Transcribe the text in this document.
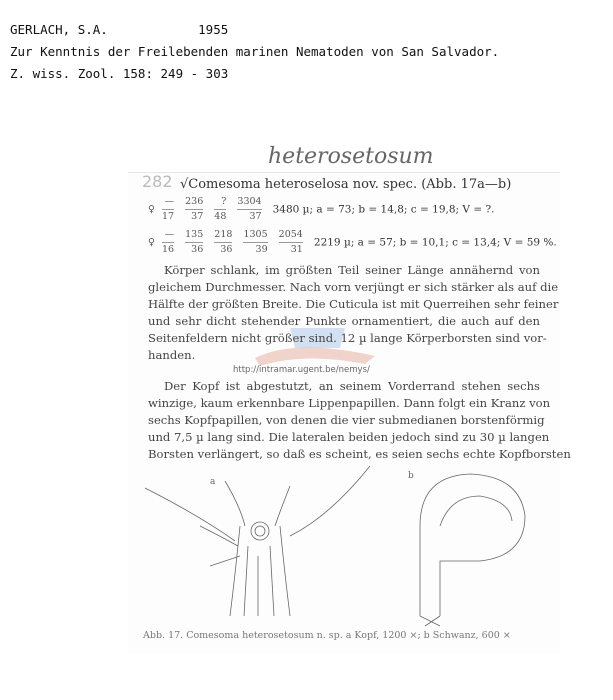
GERLACH, S.A.	1955
Zur Kenntnis der Freilebenden marinen Nematoden von San Salvador.
Z. wiss. Zool. 158: 249 - 303
heterosetosum
282 √Comesoma heteroselosa nov. spec. (Abb. 17a—b)
♀ $\frac{—}{17} \frac{236}{37} \frac{?}{48} \frac{3304}{37} 3480$ µ; a = 73; b = 14,8; c = 19,8; V = ?.
♀ $\frac{—}{16} \frac{135}{36} \frac{218}{36} \frac{1305}{39} \frac{2054}{31} 2219$ µ; a = 57; b = 10,1; c = 13,4; V = 59 %.
Körper schlank, im größten Teil seiner Länge annähernd von
gleichem Durchmesser. Nach vorn verjüngt er sich stärker als auf die
Hälfte der größten Breite. Die Cuticula ist mit Querreihen sehr feiner
und sehr dicht stehender Punkte ornamentiert, die auch auf den
Seitenfeldern nicht größer sind. 12 µ lange Körperborsten sind vor-
handen.
http://intramar.ugent.be/nemys/
Der Kopf ist abgestutzt, an seinem Vorderrand stehen sechs
winzige, kaum erkennbare Lippenpapillen. Dann folgt ein Kranz von
sechs Kopfpapillen, von denen die vier submedianen borstenförmig
und 7,5 µ lang sind. Die lateralen beiden jedoch sind zu 30 µ langen
Borsten verlängert, so daß es scheint, es seien sechs echte Kopfborsten
a
b
Abb. 17. Comesoma heterosetosum n. sp. a Kopf, 1200 ×; b Schwanz, 600 ×
